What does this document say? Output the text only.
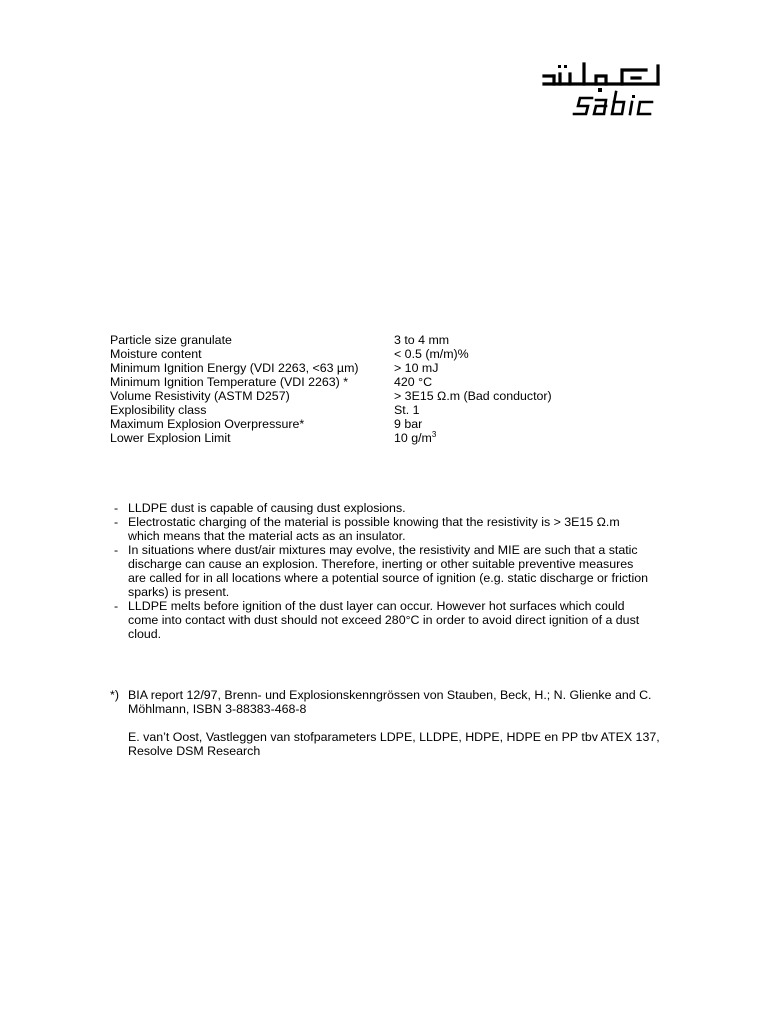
Particle size granulate	3 to 4 mm
Moisture content	< 0.5 (m/m)%
Minimum Ignition Energy (VDI 2263, <63 µm)	> 10 mJ
Minimum Ignition Temperature (VDI 2263) *	420 °C
Volume Resistivity (ASTM D257)	> 3E15 Ω.m (Bad conductor)
Explosibility class	St. 1
Maximum Explosion Overpressure*	9 bar
Lower Explosion Limit	10 $g/m^3$
- LLDPE dust is capable of causing dust explosions.
- Electrostatic charging of the material is possible knowing that the resistivity is > 3E15 Ω.m which means that the material acts as an insulator.
- In situations where dust/air mixtures may evolve, the resistivity and MIE are such that a static discharge can cause an explosion. Therefore, inerting or other suitable preventive measures are called for in all locations where a potential source of ignition (e.g. static discharge or friction sparks) is present.
- LLDPE melts before ignition of the dust layer can occur. However hot surfaces which could come into contact with dust should not exceed 280°C in order to avoid direct ignition of a dust cloud.
*) BIA report 12/97, Brenn- und Explosionskenngrössen von Stauben, Beck, H.; N. Glienke and C. Möhlmann, ISBN 3-88383-468-8
E. van’t Oost, Vastleggen van stofparameters LDPE, LLDPE, HDPE, HDPE en PP tbv ATEX 137, Resolve DSM Research
